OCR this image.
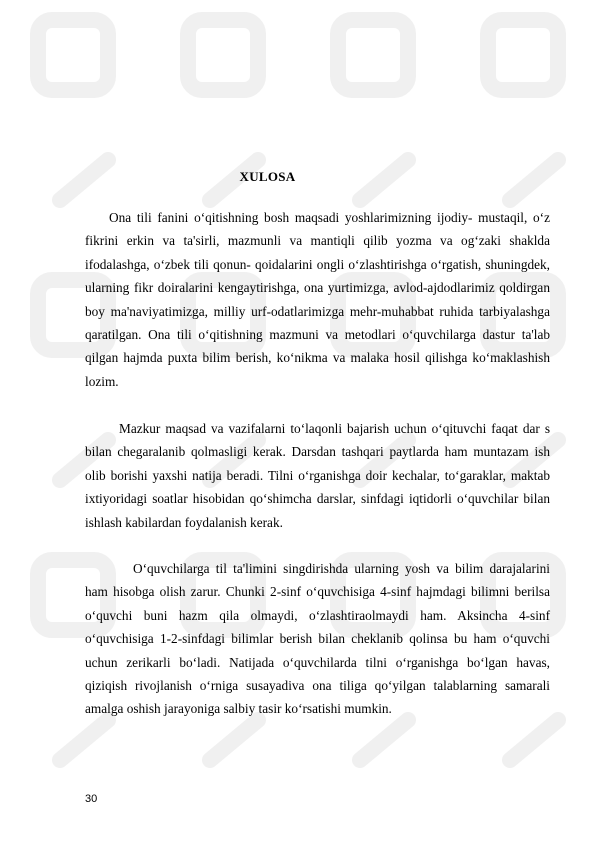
XULOSA

Ona tili fanini o‘qitishning bosh maqsadi yoshlarimizning ijodiy- mustaqil, o‘z fikrini erkin va ta'sirli, mazmunli va mantiqli qilib yozma va og‘zaki shaklda ifodalashga, o‘zbek tili qonun- qoidalarini ongli o‘zlashtirishga o‘rgatish, shuningdek, ularning fikr doiralarini kengaytirishga, ona yurtimizga, avlod-ajdodlarimiz qoldirgan boy ma'naviyatimizga, milliy urf-odatlarimizga mehr-muhabbat ruhida tarbiyalashga qaratilgan. Ona tili o‘qitishning mazmuni va metodlari o‘quvchilarga dastur ta'lab qilgan hajmda puxta bilim berish, ko‘nikma va malaka hosil qilishga ko‘maklashish lozim.

Mazkur maqsad va vazifalarni to‘laqonli bajarish uchun o‘qituvchi faqat dar s bilan chegaralanib qolmasligi kerak. Darsdan tashqari paytlarda ham muntazam ish olib borishi yaxshi natija beradi. Tilni o‘rganishga doir kechalar, to‘garaklar, maktab ixtiyoridagi soatlar hisobidan qo‘shimcha darslar, sinfdagi iqtidorli o‘quvchilar bilan ishlash kabilardan foydalanish kerak.

O‘quvchilarga til ta'limini singdirishda ularning yosh va bilim darajalarini ham hisobga olish zarur. Chunki 2-sinf o‘quvchisiga 4-sinf hajmdagi bilimni berilsa o‘quvchi buni hazm qila olmaydi, o‘zlashtiraolmaydi ham. Aksincha 4-sinf o‘quvchisiga 1-2-sinfdagi bilimlar berish bilan cheklanib qolinsa bu ham o‘quvchi uchun zerikarli bo‘ladi. Natijada o‘quvchilarda tilni o‘rganishga bo‘lgan havas, qiziqish rivojlanish o‘rniga susayadiva ona tiliga qo‘yilgan talablarning samarali amalga oshish jarayoniga salbiy tasir ko‘rsatishi mumkin.

30
